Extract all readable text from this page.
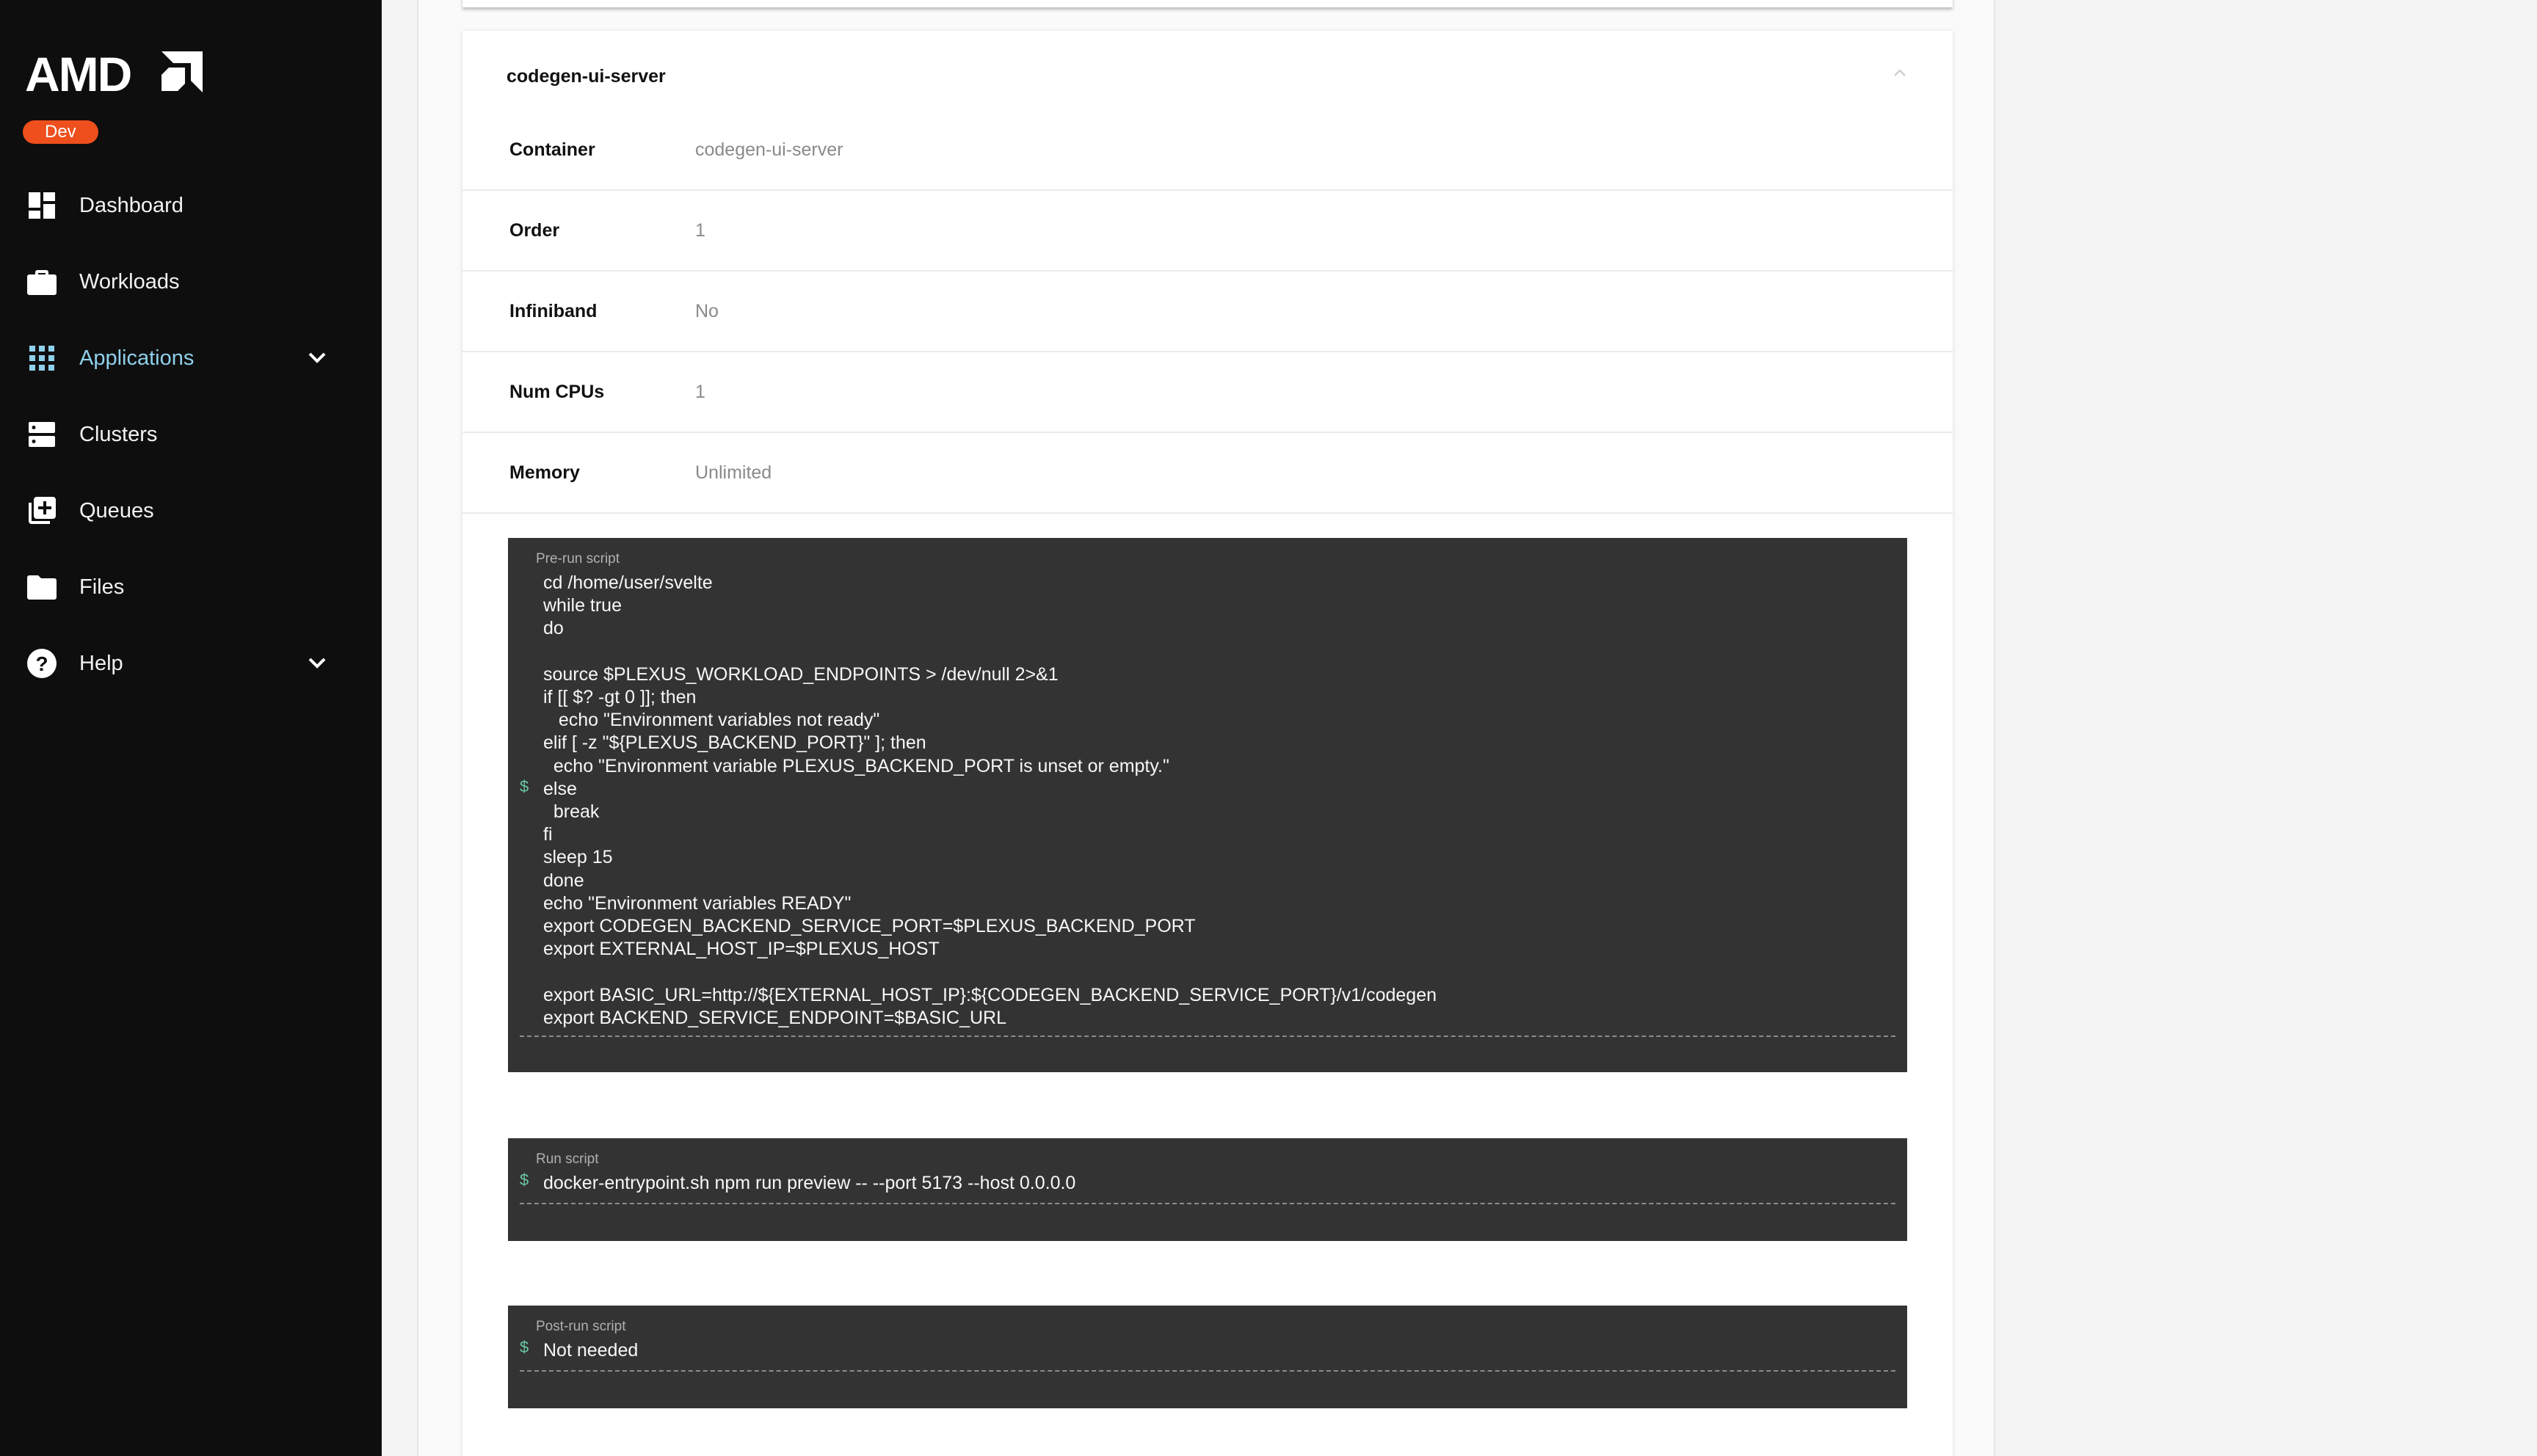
AMD
Dev
Dashboard
Workloads
Applications
Clusters
Queues
Files
? Help
codegen-ui-server
Container	codegen-ui-server
Order	1
Infiniband	No
Num CPUs	1
Memory	Unlimited
Pre-run script
$
cd /home/user/svelte
while true
do

source $PLEXUS_WORKLOAD_ENDPOINTS > /dev/null 2>&1
if [[ $? -gt 0 ]]; then
echo "Environment variables not ready"
elif [ -z "${PLEXUS_BACKEND_PORT}" ]; then
echo "Environment variable PLEXUS_BACKEND_PORT is unset or empty."
else
break
fi
sleep 15
done
echo "Environment variables READY"
export CODEGEN_BACKEND_SERVICE_PORT=$PLEXUS_BACKEND_PORT
export EXTERNAL_HOST_IP=$PLEXUS_HOST

export BASIC_URL=http://${EXTERNAL_HOST_IP}:${CODEGEN_BACKEND_SERVICE_PORT}/v1/codegen
export BACKEND_SERVICE_ENDPOINT=$BASIC_URL
Run script
$ docker-entrypoint.sh npm run preview -- --port 5173 --host 0.0.0.0
Post-run script
$ Not needed
